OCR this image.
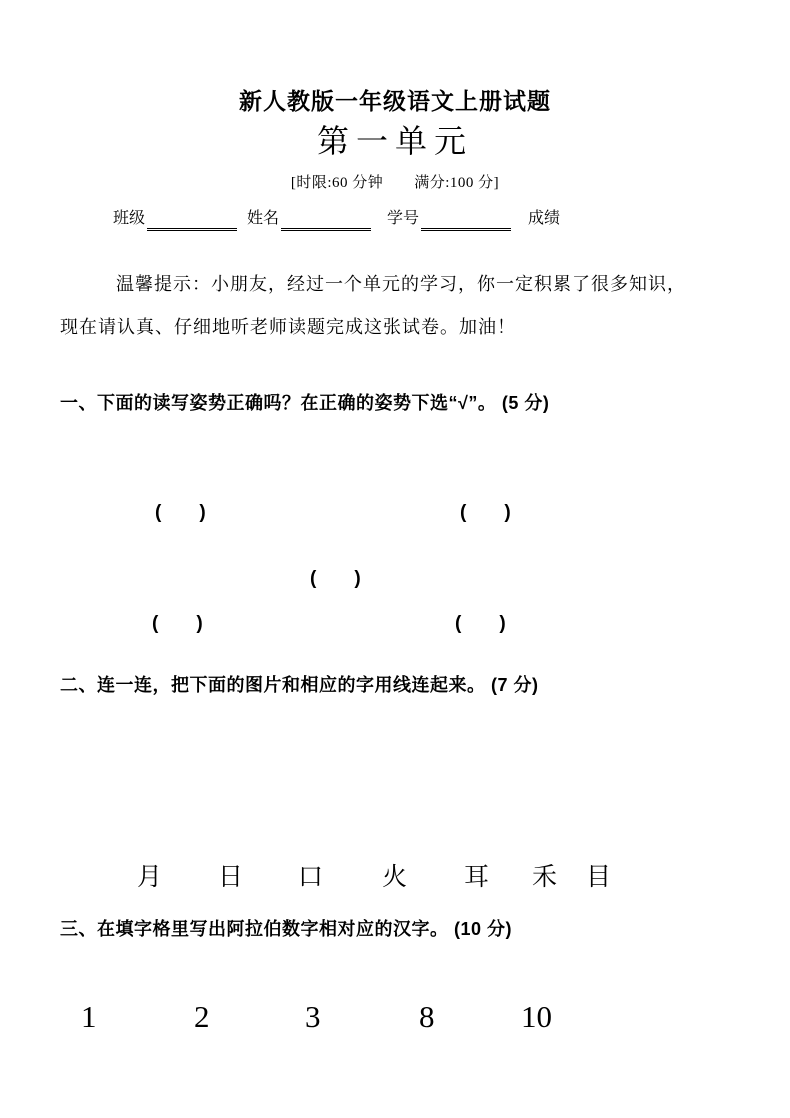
新人教版一年级语文上册试题
第一单元
[时限:60 分钟　　满分:100 分]
班级	姓名	学号	成绩
温馨提示：小朋友，经过一个单元的学习，你一定积累了很多知识，
现在请认真、仔细地听老师读题完成这张试卷。加油！
一、下面的读写姿势正确吗？在正确的姿势下选“√”。 (5 分)
(　　)	(　　)
(　　)
(　　)	(　　)
二、连一连，把下面的图片和相应的字用线连起来。 (7 分)
月 日 口 火 耳 禾 目
三、在填字格里写出阿拉伯数字相对应的汉字。 (10 分)
1	2	3	8	10
